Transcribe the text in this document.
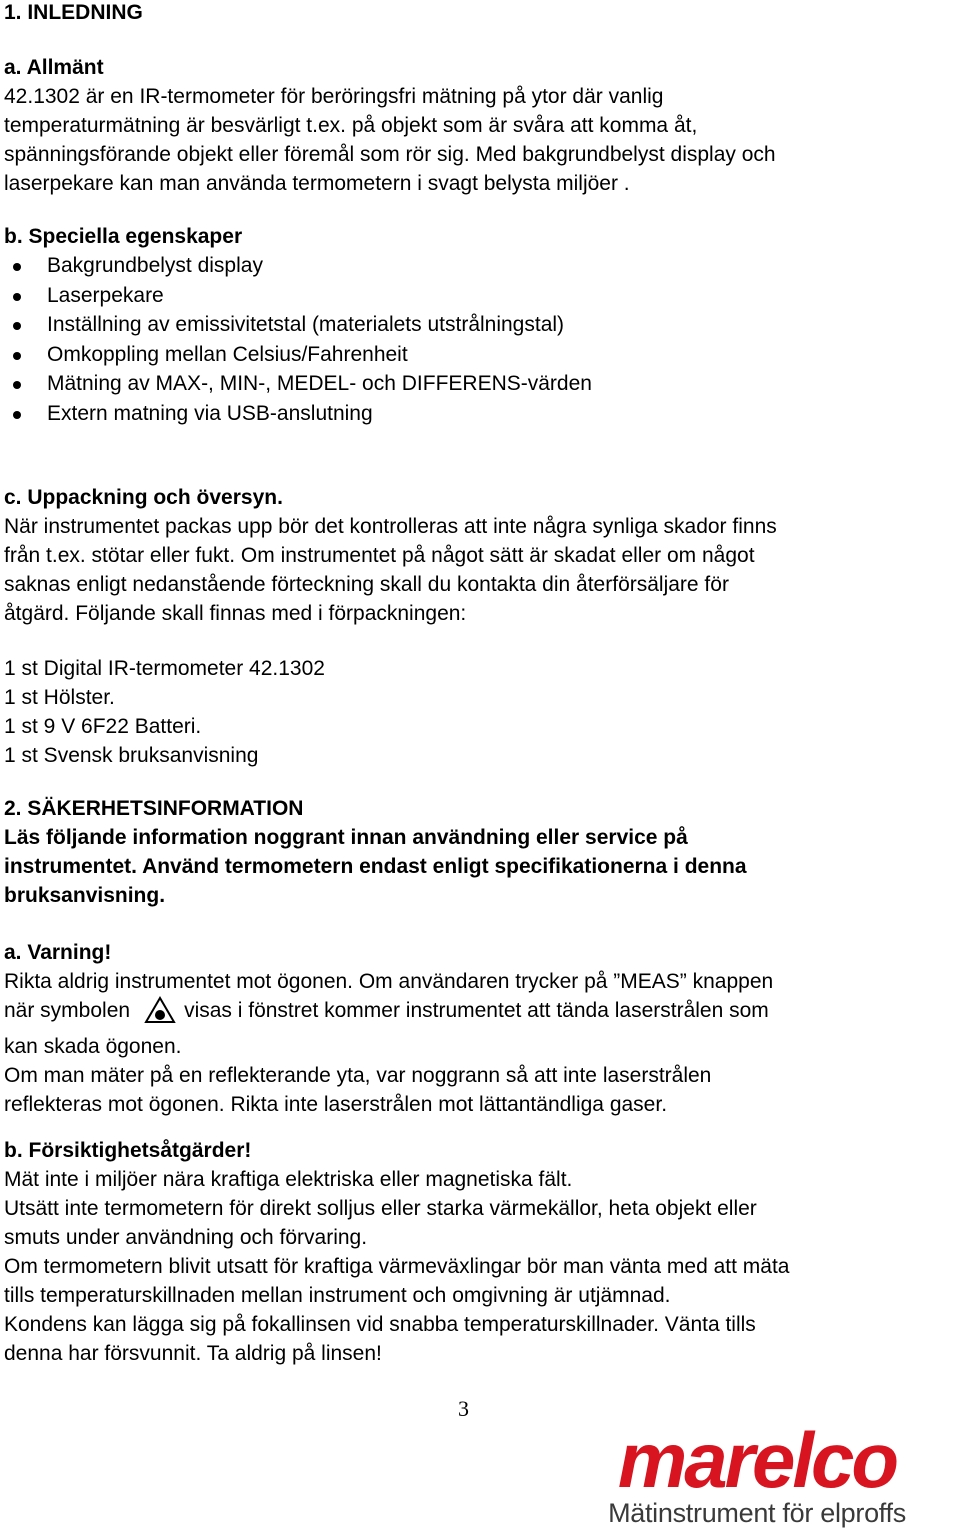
1. INLEDNING

a. Allmänt

42.1302 är en IR-termometer för beröringsfri mätning på ytor där vanlig

temperaturmätning är besvärligt t.ex. på objekt som är svåra att komma åt,

spänningsförande objekt eller föremål som rör sig. Med bakgrundbelyst display och

laserpekare kan man använda termometern i svagt belysta miljöer .

b. Speciella egenskaper

Bakgrundbelyst display
Laserpekare
Inställning av emissivitetstal (materialets utstrålningstal)
Omkoppling mellan Celsius/Fahrenheit
Mätning av MAX-, MIN-, MEDEL- och DIFFERENS-värden
Extern matning via USB-anslutning

c. Uppackning och översyn.

När instrumentet packas upp bör det kontrolleras att inte några synliga skador finns

från t.ex. stötar eller fukt. Om instrumentet på något sätt är skadat eller om något

saknas enligt nedanstående förteckning skall du kontakta din återförsäljare för

åtgärd. Följande skall finnas med i förpackningen:

1 st Digital IR-termometer 42.1302

1 st Hölster.

1 st 9 V 6F22 Batteri.

1 st Svensk bruksanvisning

2. SÄKERHETSINFORMATION

Läs följande information noggrant innan användning eller service på

instrumentet. Använd termometern endast enligt specifikationerna i denna

bruksanvisning.

a. Varning!

Rikta aldrig instrumentet mot ögonen. Om användaren trycker på ”MEAS” knappen

när symbolen	visas i fönstret kommer instrumentet att tända laserstrålen som

kan skada ögonen.

Om man mäter på en reflekterande yta, var noggrann så att inte laserstrålen

reflekteras mot ögonen. Rikta inte laserstrålen mot lättantändliga gaser.

b. Försiktighetsåtgärder!

Mät inte i miljöer nära kraftiga elektriska eller magnetiska fält.

Utsätt inte termometern för direkt solljus eller starka värmekällor, heta objekt eller

smuts under användning och förvaring.

Om termometern blivit utsatt för kraftiga värmeväxlingar bör man vänta med att mäta

tills temperaturskillnaden mellan instrument och omgivning är utjämnad.

Kondens kan lägga sig på fokallinsen vid snabba temperaturskillnader. Vänta tills

denna har försvunnit. Ta aldrig på linsen!

3
marelco
Mätinstrument för elproffs
